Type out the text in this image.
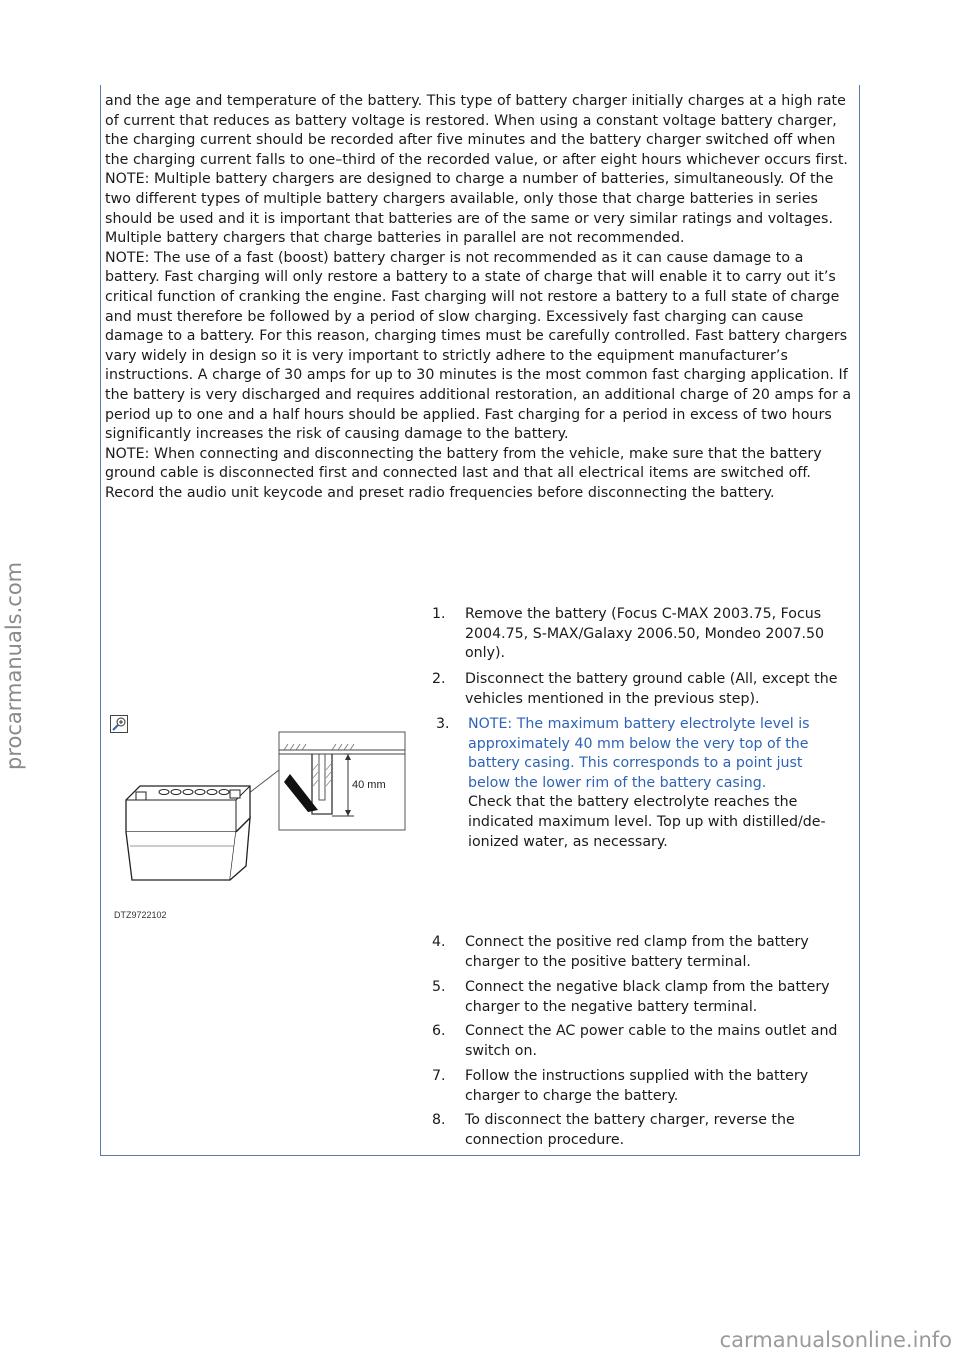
and the age and temperature of the battery. This type of battery charger initially charges at a high rate of current that reduces as battery voltage is restored. When using a constant voltage battery charger, the charging current should be recorded after five minutes and the battery charger switched off when the charging current falls to one–third of the recorded value, or after eight hours whichever occurs first.

NOTE: Multiple battery chargers are designed to charge a number of batteries, simultaneously. Of the two different types of multiple battery chargers available, only those that charge batteries in series should be used and it is important that batteries are of the same or very similar ratings and voltages. Multiple battery chargers that charge batteries in parallel are not recommended.

NOTE: The use of a fast (boost) battery charger is not recommended as it can cause damage to a battery. Fast charging will only restore a battery to a state of charge that will enable it to carry out it’s critical function of cranking the engine. Fast charging will not restore a battery to a full state of charge and must therefore be followed by a period of slow charging. Excessively fast charging can cause damage to a battery. For this reason, charging times must be carefully controlled. Fast battery chargers vary widely in design so it is very important to strictly adhere to the equipment manufacturer’s instructions. A charge of 30 amps for up to 30 minutes is the most common fast charging application. If the battery is very discharged and requires additional restoration, an additional charge of 20 amps for a period up to one and a half hours should be applied. Fast charging for a period in excess of two hours significantly increases the risk of causing damage to the battery.

NOTE: When connecting and disconnecting the battery from the vehicle, make sure that the battery ground cable is disconnected first and connected last and that all electrical items are switched off. Record the audio unit keycode and preset radio frequencies before disconnecting the battery.

1.	Remove the battery (Focus C-MAX 2003.75, Focus 2004.75, S-MAX/Galaxy 2006.50, Mondeo 2007.50 only).
2.	Disconnect the battery ground cable (All, except the vehicles mentioned in the previous step).
3.	NOTE: The maximum battery electrolyte level is approximately 40 mm below the very top of the battery casing. This corresponds to a point just below the lower rim of the battery casing.
Check that the battery electrolyte reaches the indicated maximum level. Top up with distilled/de-ionized water, as necessary.
4.	Connect the positive red clamp from the battery charger to the positive battery terminal.
5.	Connect the negative black clamp from the battery charger to the negative battery terminal.
6.	Connect the AC power cable to the mains outlet and switch on.
7.	Follow the instructions supplied with the battery charger to charge the battery.
8.	To disconnect the battery charger, reverse the connection procedure.
40 mm
DTZ9722102
procarmanuals.com
carmanualsonline.info
